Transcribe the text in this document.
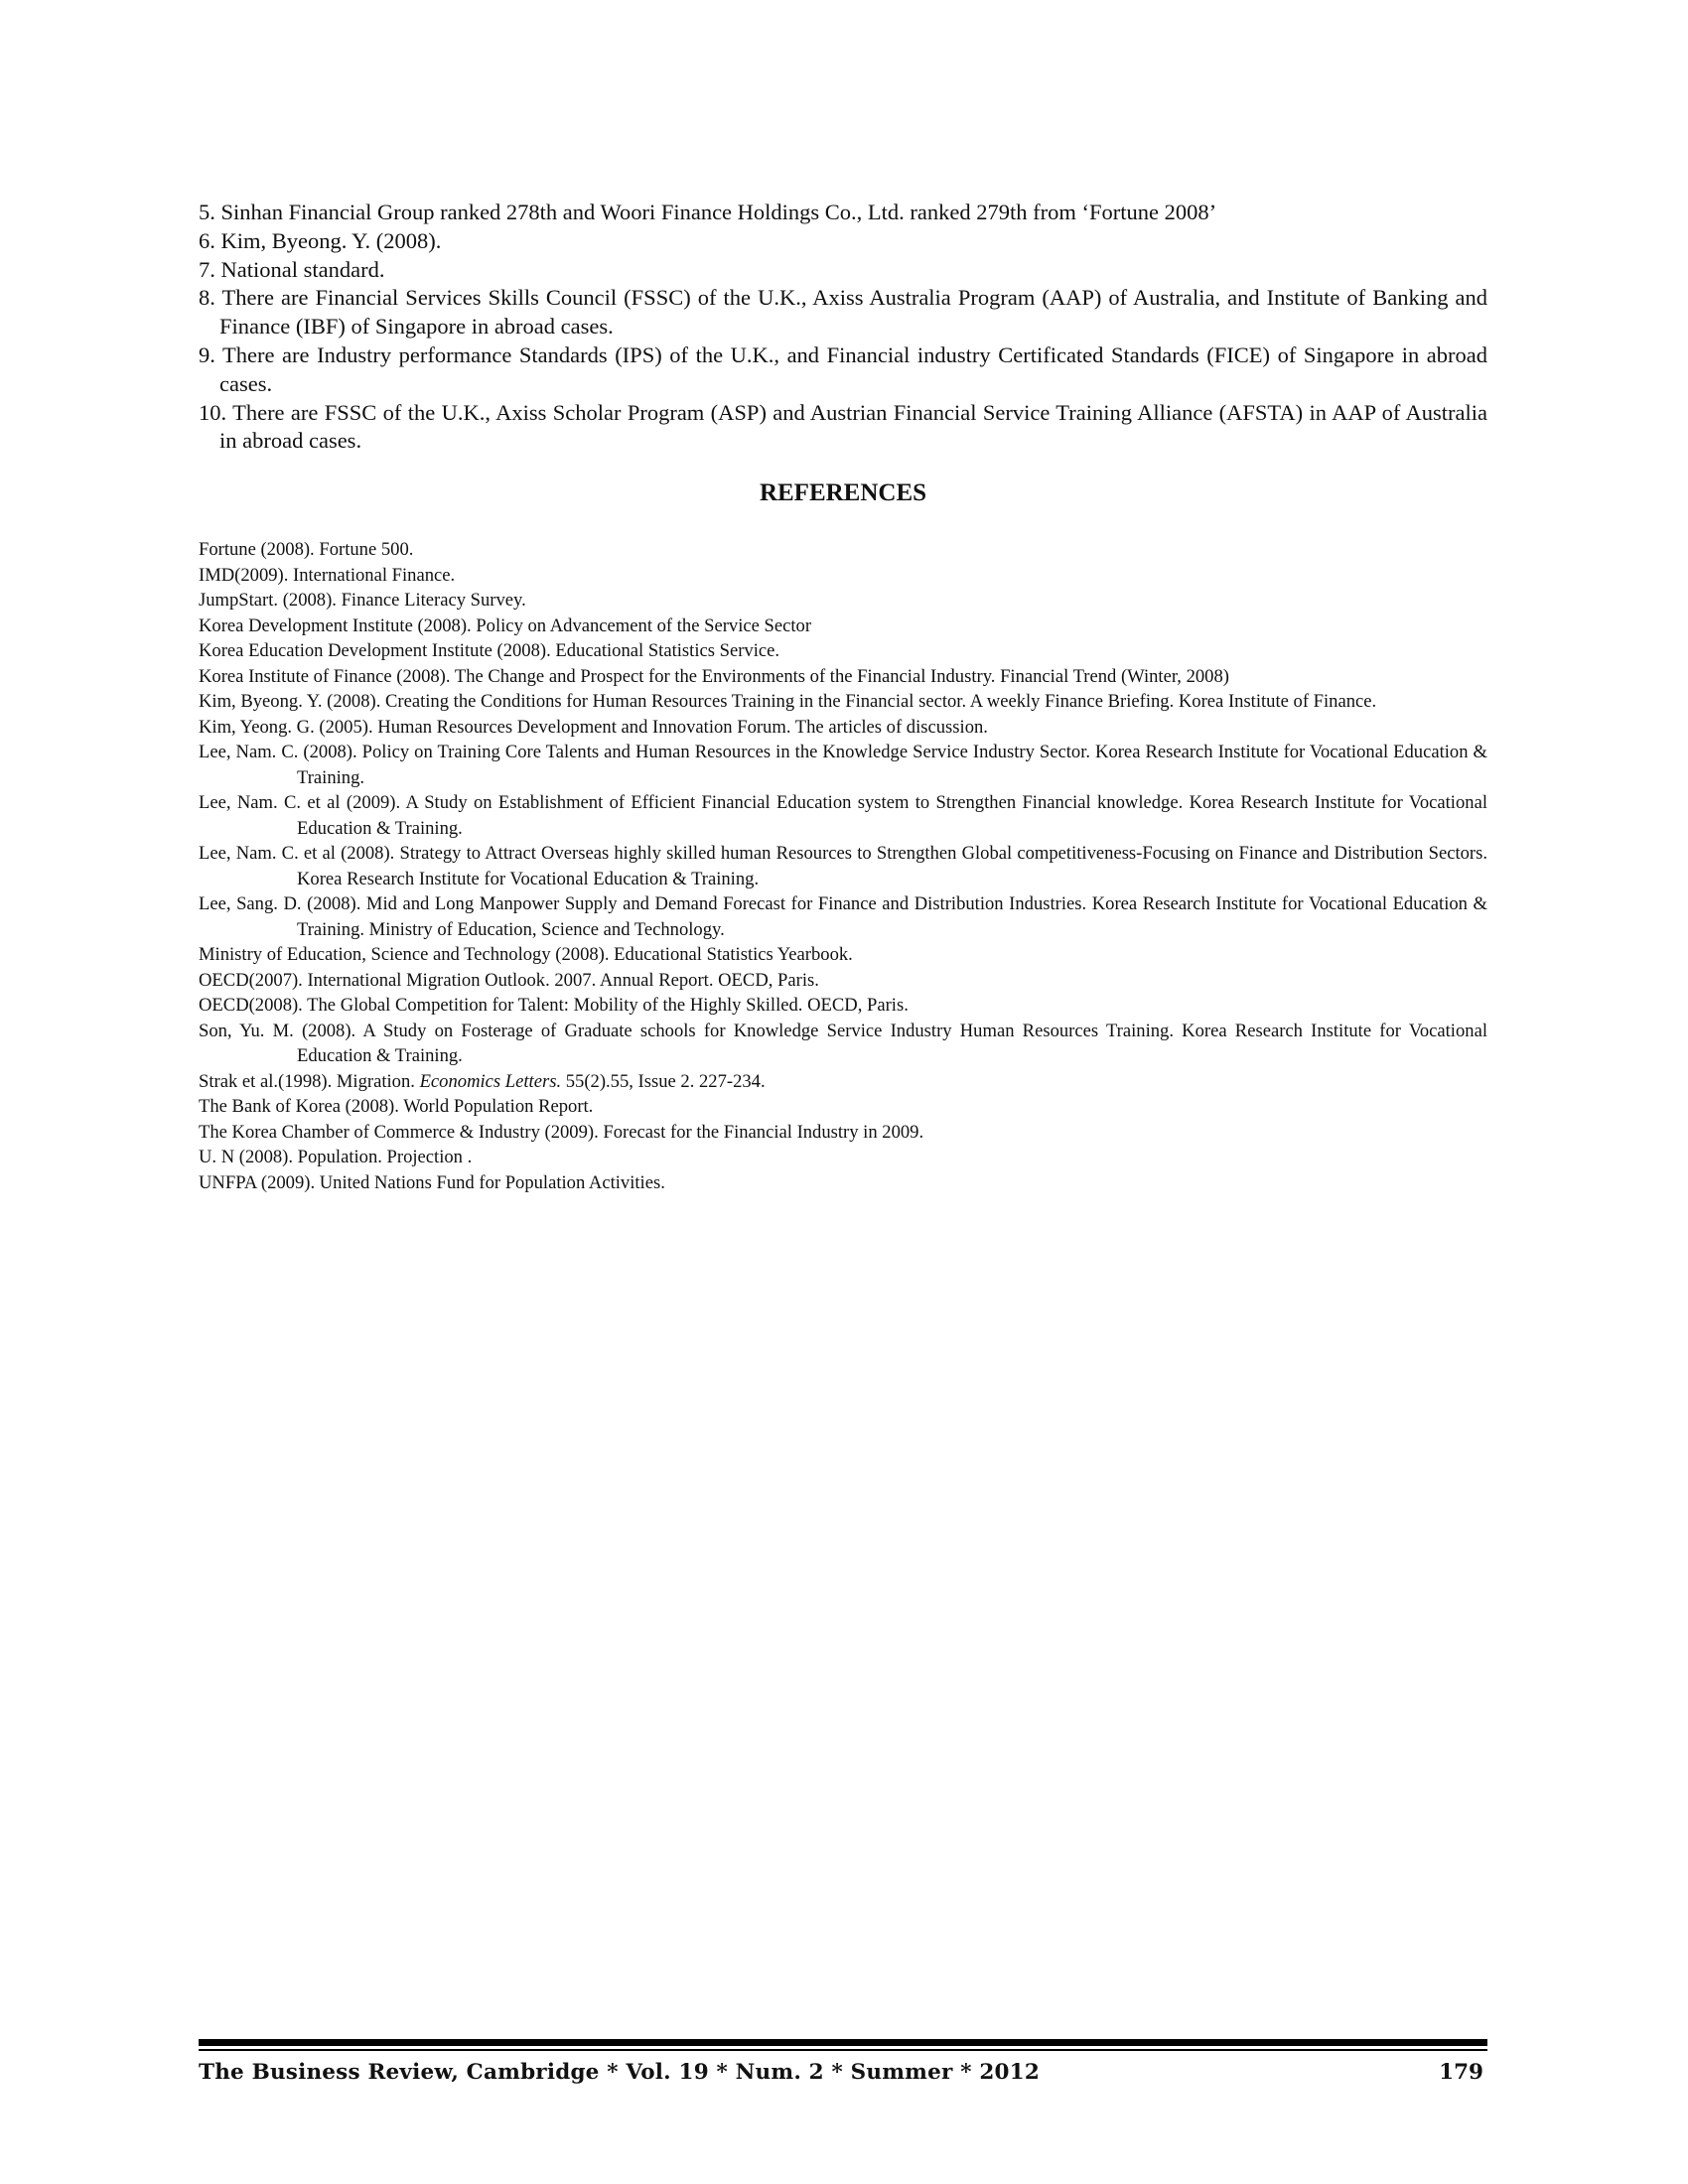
5. Sinhan Financial Group ranked 278th and Woori Finance Holdings Co., Ltd. ranked 279th from ‘Fortune 2008’

6. Kim, Byeong. Y. (2008).

7. National standard.

8. There are Financial Services Skills Council (FSSC) of the U.K., Axiss Australia Program (AAP) of Australia, and Institute of Banking and Finance (IBF) of Singapore in abroad cases.

9. There are Industry performance Standards (IPS) of the U.K., and Financial industry Certificated Standards (FICE) of Singapore in abroad cases.

10. There are FSSC of the U.K., Axiss Scholar Program (ASP) and Austrian Financial Service Training Alliance (AFSTA) in AAP of Australia in abroad cases.

REFERENCES

Fortune (2008). Fortune 500.

IMD(2009). International Finance.

JumpStart. (2008). Finance Literacy Survey.

Korea Development Institute (2008). Policy on Advancement of the Service Sector

Korea Education Development Institute (2008). Educational Statistics Service.

Korea Institute of Finance (2008). The Change and Prospect for the Environments of the Financial Industry. Financial Trend (Winter, 2008)

Kim, Byeong. Y. (2008). Creating the Conditions for Human Resources Training in the Financial sector. A weekly Finance Briefing. Korea Institute of Finance.

Kim, Yeong. G. (2005). Human Resources Development and Innovation Forum. The articles of discussion.

Lee, Nam. C. (2008). Policy on Training Core Talents and Human Resources in the Knowledge Service Industry Sector. Korea Research Institute for Vocational Education & Training.

Lee, Nam. C. et al (2009). A Study on Establishment of Efficient Financial Education system to Strengthen Financial knowledge. Korea Research Institute for Vocational Education & Training.

Lee, Nam. C. et al (2008). Strategy to Attract Overseas highly skilled human Resources to Strengthen Global competitiveness-Focusing on Finance and Distribution Sectors. Korea Research Institute for Vocational Education & Training.

Lee, Sang. D. (2008). Mid and Long Manpower Supply and Demand Forecast for Finance and Distribution Industries. Korea Research Institute for Vocational Education & Training. Ministry of Education, Science and Technology.

Ministry of Education, Science and Technology (2008). Educational Statistics Yearbook.

OECD(2007). International Migration Outlook. 2007. Annual Report. OECD, Paris.

OECD(2008). The Global Competition for Talent: Mobility of the Highly Skilled. OECD, Paris.

Son, Yu. M. (2008). A Study on Fosterage of Graduate schools for Knowledge Service Industry Human Resources Training. Korea Research Institute for Vocational Education & Training.

Strak et al.(1998). Migration. Economics Letters. 55(2).55, Issue 2. 227-234.

The Bank of Korea (2008). World Population Report.

The Korea Chamber of Commerce & Industry (2009). Forecast for the Financial Industry in 2009.

U. N (2008). Population. Projection .

UNFPA (2009). United Nations Fund for Population Activities.

The Business Review, Cambridge * Vol. 19 * Num. 2 * Summer * 2012	179
